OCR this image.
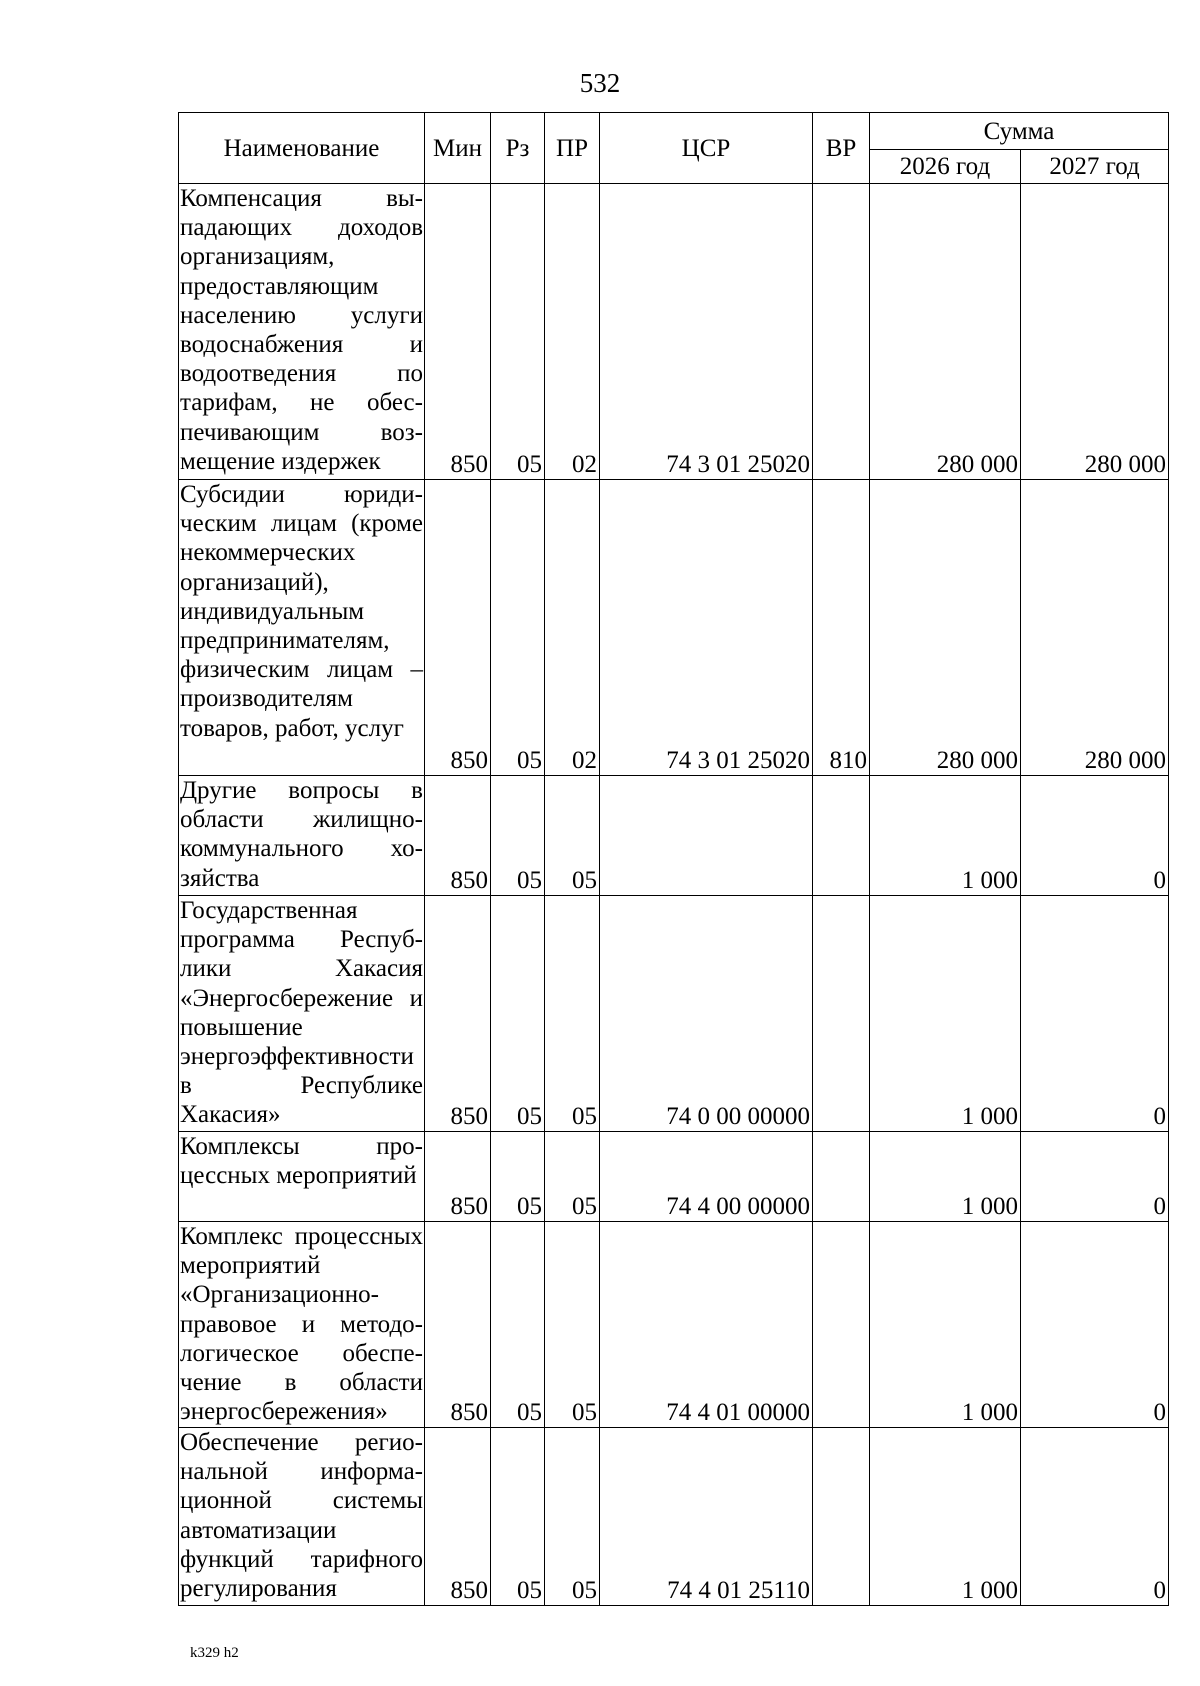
532
Наименование	Мин	Рз	ПР	ЦСР	ВР	Сумма	
						2026 год	2027 год
Компенсация выпадающих доходов организациям, предоставляющим населению услуги водоснабжения и водоотведения по тарифам, не обеспечивающим возмещение издержек	850	05	02	74 3 01 25020		280 000	280 000
Субсидии юридическим лицам (кроме некоммерческих организаций), индивидуальным предпринимателям, физическим лицам – производителям товаров, работ, услуг	850	05	02	74 3 01 25020	810	280 000	280 000
Другие вопросы в области жилищно-коммунального хозяйства	850	05	05			1 000	0
Государственная программа Республики Хакасия «Энергосбережение и повышение энергоэффективности в Республике Хакасия»	850	05	05	74 0 00 00000		1 000	0
Комплексы процессных мероприятий	850	05	05	74 4 00 00000		1 000	0
Комплекс процессных мероприятий «Организационно-правовое и методологическое обеспечение в области энергосбережения»	850	05	05	74 4 01 00000		1 000	0
Обеспечение региональной информационной системы автоматизации функций тарифного регулирования	850	05	05	74 4 01 25110		1 000	0
k329 h2
